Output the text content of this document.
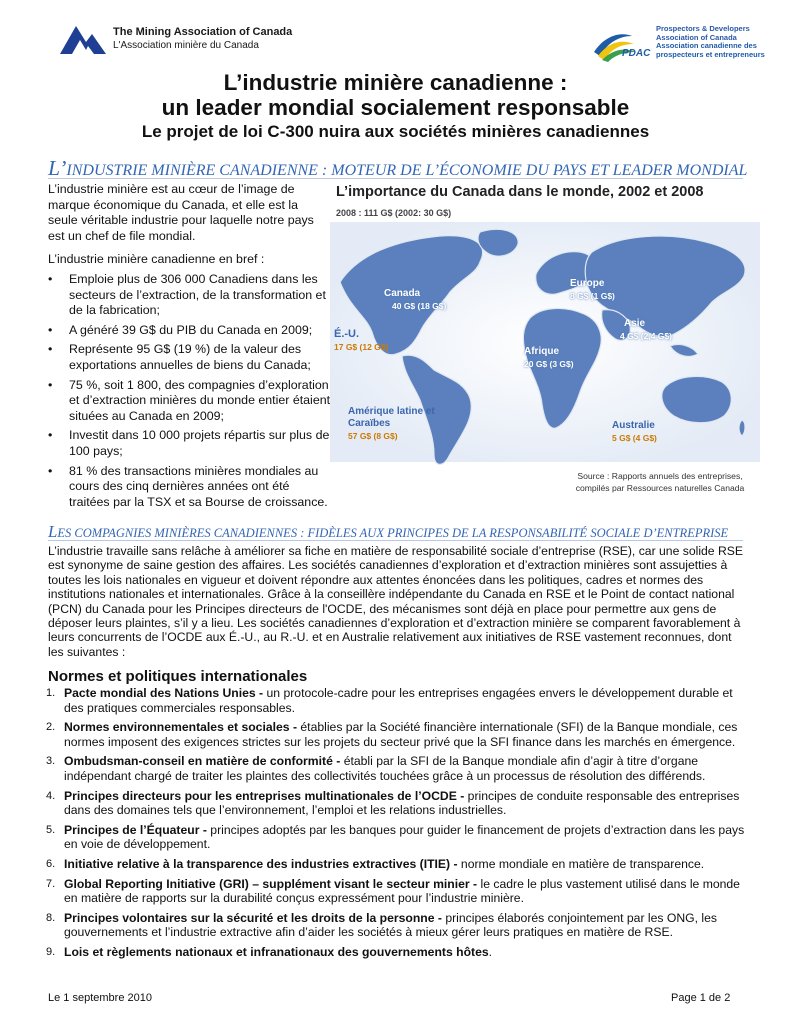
The Mining Association of Canada
L'Association minière du Canada
PDAC
Prospectors & Developers
Association of Canada
Association canadienne des
prospecteurs et entrepreneurs
L’industrie minière canadienne :
un leader mondial socialement responsable
Le projet de loi C-300 nuira aux sociétés minières canadiennes
L’INDUSTRIE MINIÈRE CANADIENNE : MOTEUR DE L’ÉCONOMIE DU PAYS ET LEADER MONDIAL

L’industrie minière est au cœur de l’image de marque économique du Canada, et elle est la seule véritable industrie pour laquelle notre pays est un chef de file mondial.

L’industrie minière canadienne en bref :

• Emploie plus de 306 000 Canadiens dans les secteurs de l’extraction, de la transformation et de la fabrication;
• A généré 39 G$ du PIB du Canada en 2009;
• Représente 95 G$ (19 %) de la valeur des exportations annuelles de biens du Canada;
• 75 %, soit 1 800, des compagnies d’exploration et d’extraction minières du monde entier étaient situées au Canada en 2009;
• Investit dans 10 000 projets répartis sur plus de 100 pays;
• 81 % des transactions minières mondiales au cours des cinq dernières années ont été traitées par la TSX et sa Bourse de croissance.
L’importance du Canada dans le monde, 2002 et 2008
2008 : 111 G$ (2002: 30 G$)
Canada
40 G$ (18 G$)
É.-U.
17 G$ (12 G$)
Europe
8 G$ (1 G$)
Asie
4 G$ (2,4 G$)
Afrique
20 G$ (3 G$)
Amérique latine et Caraïbes
57 G$ (8 G$)
Australie
5 G$ (4 G$)
Source : Rapports annuels des entreprises,
compilés par Ressources naturelles Canada
LES COMPAGNIES MINIÈRES CANADIENNES : FIDÈLES AUX PRINCIPES DE LA RESPONSABILITÉ SOCIALE D’ENTREPRISE
L’industrie travaille sans relâche à améliorer sa fiche en matière de responsabilité sociale d’entreprise (RSE), car une solide RSE est synonyme de saine gestion des affaires. Les sociétés canadiennes d’exploration et d’extraction minières sont assujetties à toutes les lois nationales en vigueur et doivent répondre aux attentes énoncées dans les politiques, cadres et normes des institutions nationales et internationales. Grâce à la conseillère indépendante du Canada en RSE et le Point de contact national (PCN) du Canada pour les Principes directeurs de l'OCDE, des mécanismes sont déjà en place pour permettre aux gens de déposer leurs plaintes, s’il y a lieu. Les sociétés canadiennes d’exploration et d’extraction minière se comparent favorablement à leurs concurrents de l’OCDE aux É.-U., au R.-U. et en Australie relativement aux initiatives de RSE vastement reconnues, dont les suivantes :
Normes et politiques internationales
1. Pacte mondial des Nations Unies - un protocole-cadre pour les entreprises engagées envers le développement durable et des pratiques commerciales responsables.
2. Normes environnementales et sociales - établies par la Société financière internationale (SFI) de la Banque mondiale, ces normes imposent des exigences strictes sur les projets du secteur privé que la SFI finance dans les marchés en émergence.
3. Ombudsman-conseil en matière de conformité - établi par la SFI de la Banque mondiale afin d’agir à titre d’organe indépendant chargé de traiter les plaintes des collectivités touchées grâce à un processus de résolution des différends.
4. Principes directeurs pour les entreprises multinationales de l’OCDE - principes de conduite responsable des entreprises dans des domaines tels que l’environnement, l’emploi et les relations industrielles.
5. Principes de l’Équateur - principes adoptés par les banques pour guider le financement de projets d’extraction dans les pays en voie de développement.
6. Initiative relative à la transparence des industries extractives (ITIE) - norme mondiale en matière de transparence.
7. Global Reporting Initiative (GRI) – supplément visant le secteur minier - le cadre le plus vastement utilisé dans le monde en matière de rapports sur la durabilité conçus expressément pour l’industrie minière.
8. Principes volontaires sur la sécurité et les droits de la personne - principes élaborés conjointement par les ONG, les gouvernements et l’industrie extractive afin d’aider les sociétés à mieux gérer leurs pratiques en matière de RSE.
9. Lois et règlements nationaux et infranationaux des gouvernements hôtes.
Le 1 septembre 2010	Page 1 de 2
